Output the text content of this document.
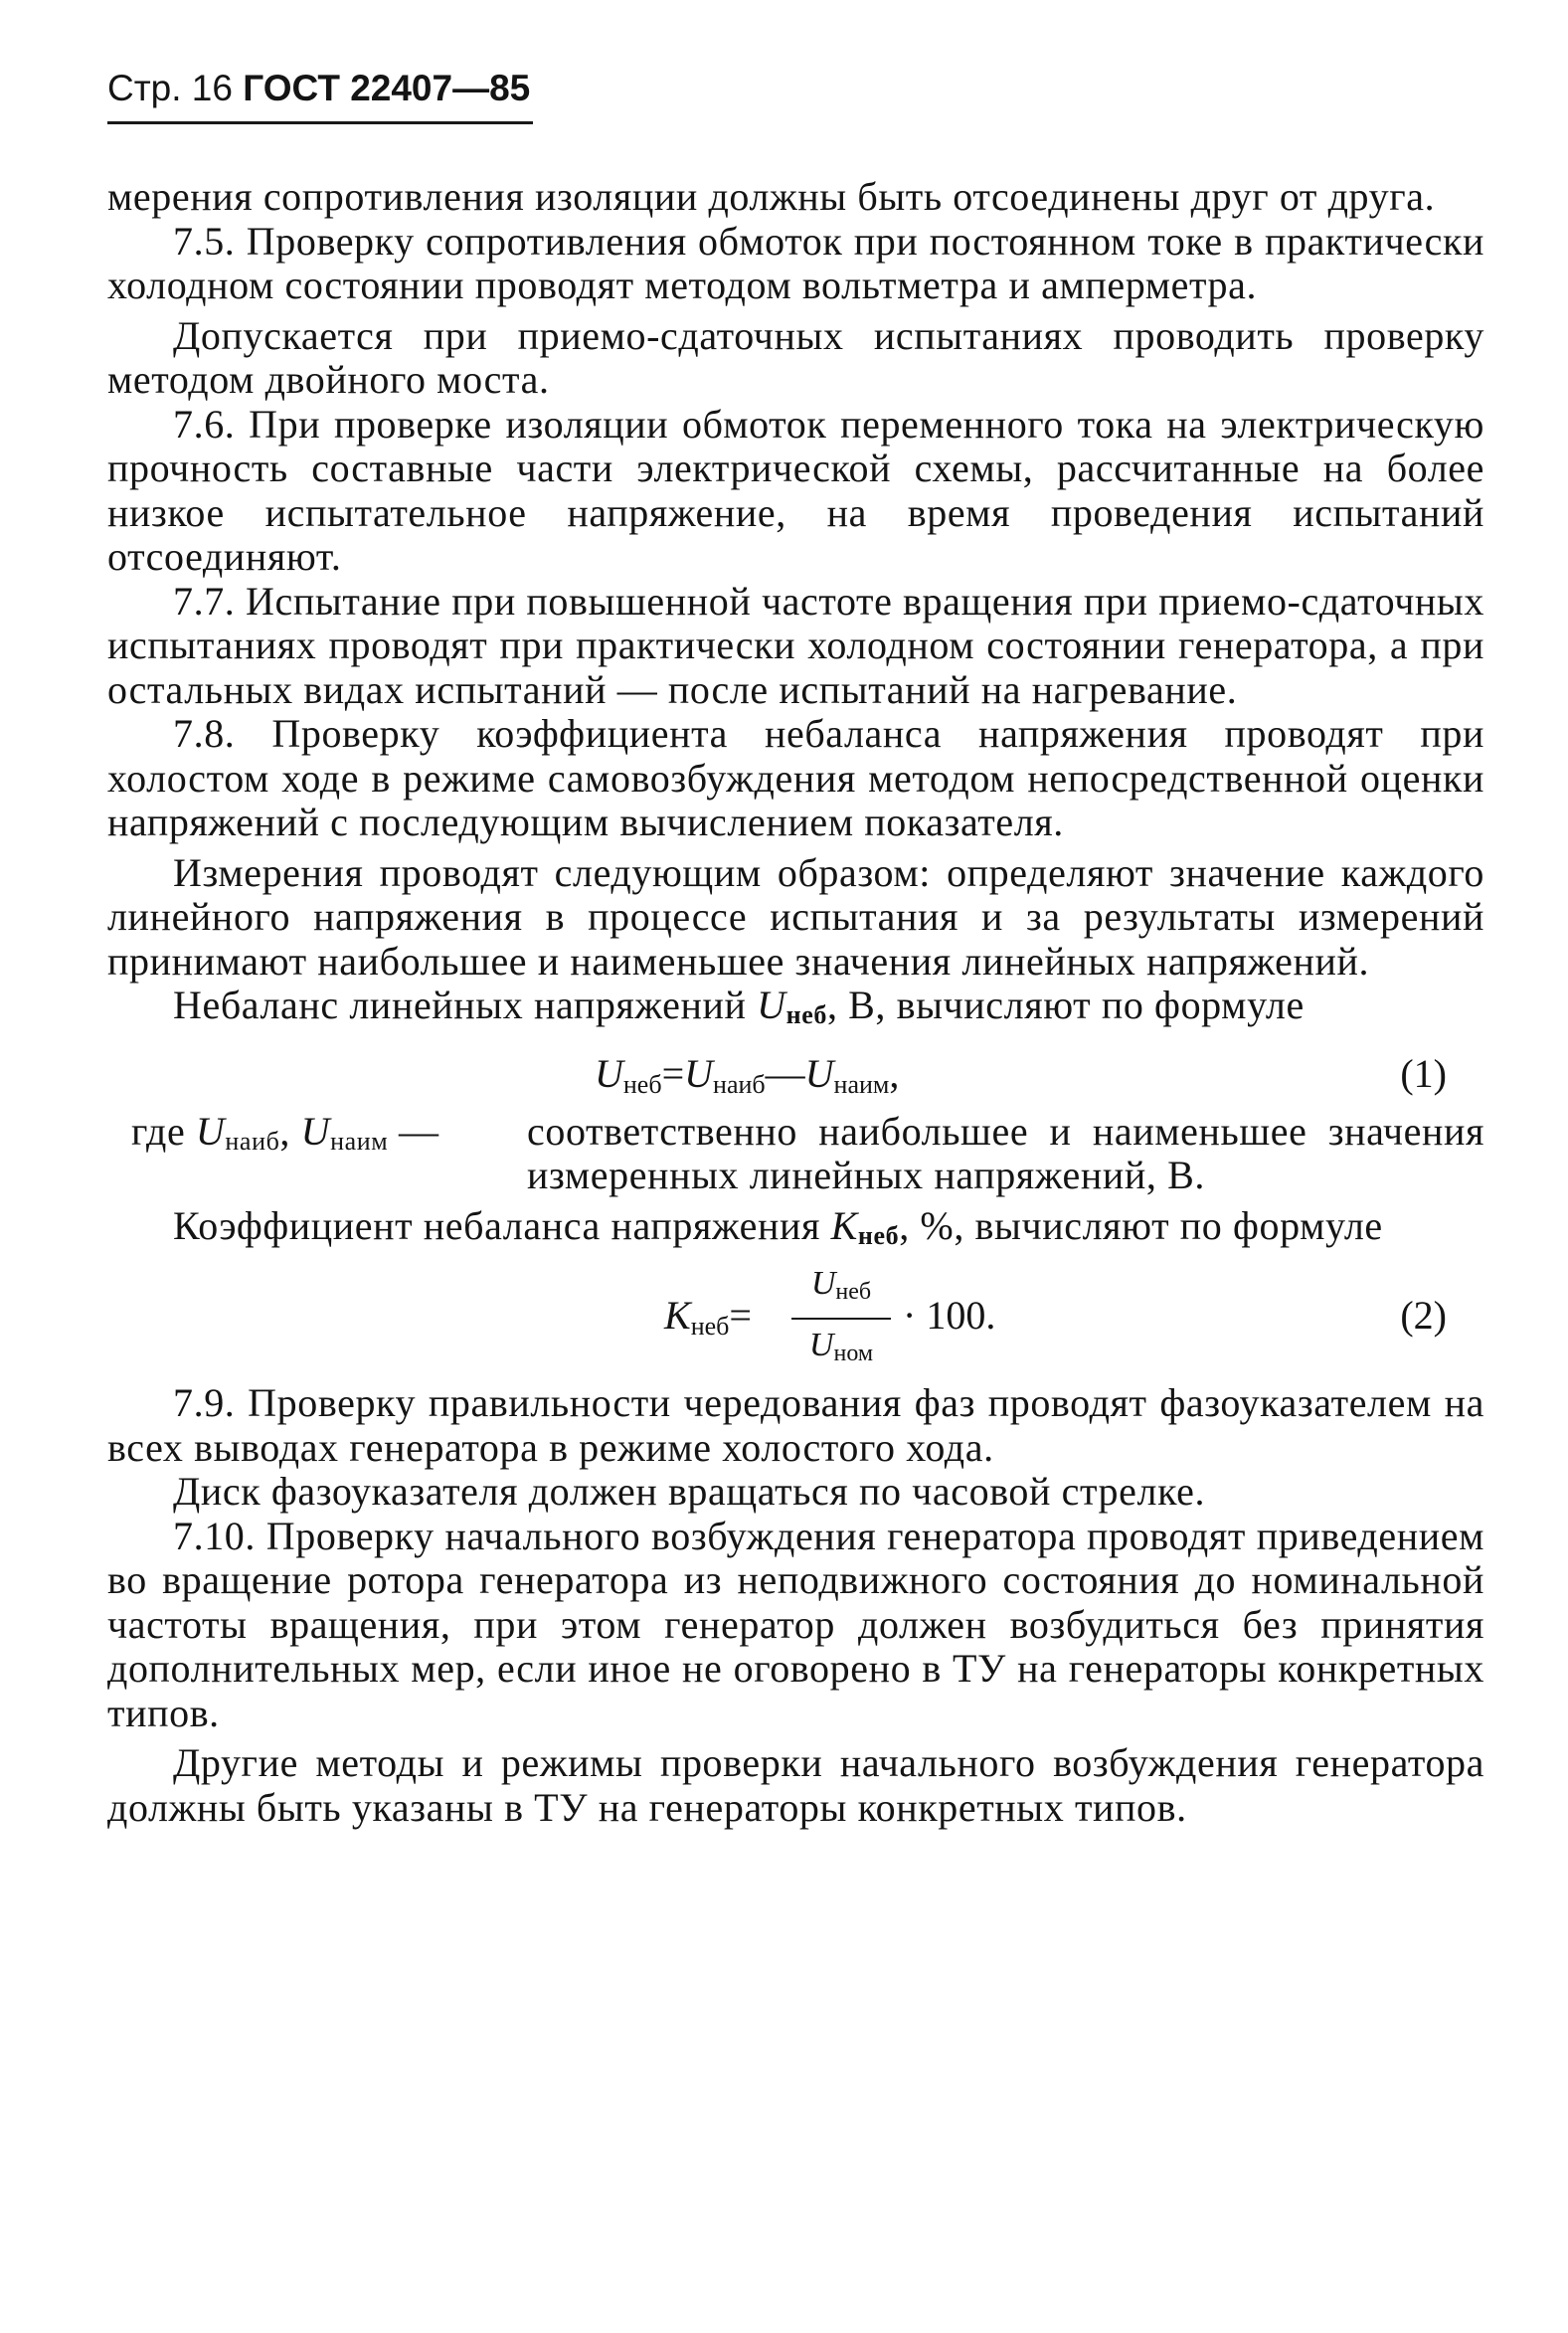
Стр. 16 ГОСТ 22407—85

мерения сопротивления изоляции должны быть отсоединены друг от друга.

7.5. Проверку сопротивления обмоток при постоянном токе в практически холодном состоянии проводят методом вольтметра и амперметра.

Допускается при приемо-сдаточных испытаниях проводить проверку методом двойного моста.

7.6. При проверке изоляции обмоток переменного тока на электрическую прочность составные части электрической схемы, рассчитанные на более низкое испытательное напряжение, на время проведения испытаний отсоединяют.

7.7. Испытание при повышенной частоте вращения при приемо-сдаточных испытаниях проводят при практически холодном состоянии генератора, а при остальных видах испытаний — после испытаний на нагревание.

7.8. Проверку коэффициента небаланса напряжения проводят при холостом ходе в режиме самовозбуждения методом непосредственной оценки напряжений с последующим вычислением показателя.

Измерения проводят следующим образом: определяют значение каждого линейного напряжения в процессе испытания и за результаты измерений принимают наибольшее и наименьшее значения линейных напряжений.

Небаланс линейных напряжений Uнеб, В, вычисляют по формуле

$U_{неб}=U_{наиб}—U_{наим}$,	(1)
где Uнаиб, Uнаим —	соответственно наибольшее и наименьшее значения измеренных линейных напряжений, В.

Коэффициент небаланса напряжения Kнеб, %, вычисляют по формуле

Kнеб=
Uнеб
Uном
· 100.	(2)

7.9. Проверку правильности чередования фаз проводят фазоуказателем на всех выводах генератора в режиме холостого хода.

Диск фазоуказателя должен вращаться по часовой стрелке.

7.10. Проверку начального возбуждения генератора проводят приведением во вращение ротора генератора из неподвижного состояния до номинальной частоты вращения, при этом генератор должен возбудиться без принятия дополнительных мер, если иное не оговорено в ТУ на генераторы конкретных типов.

Другие методы и режимы проверки начального возбуждения генератора должны быть указаны в ТУ на генераторы конкретных типов.
